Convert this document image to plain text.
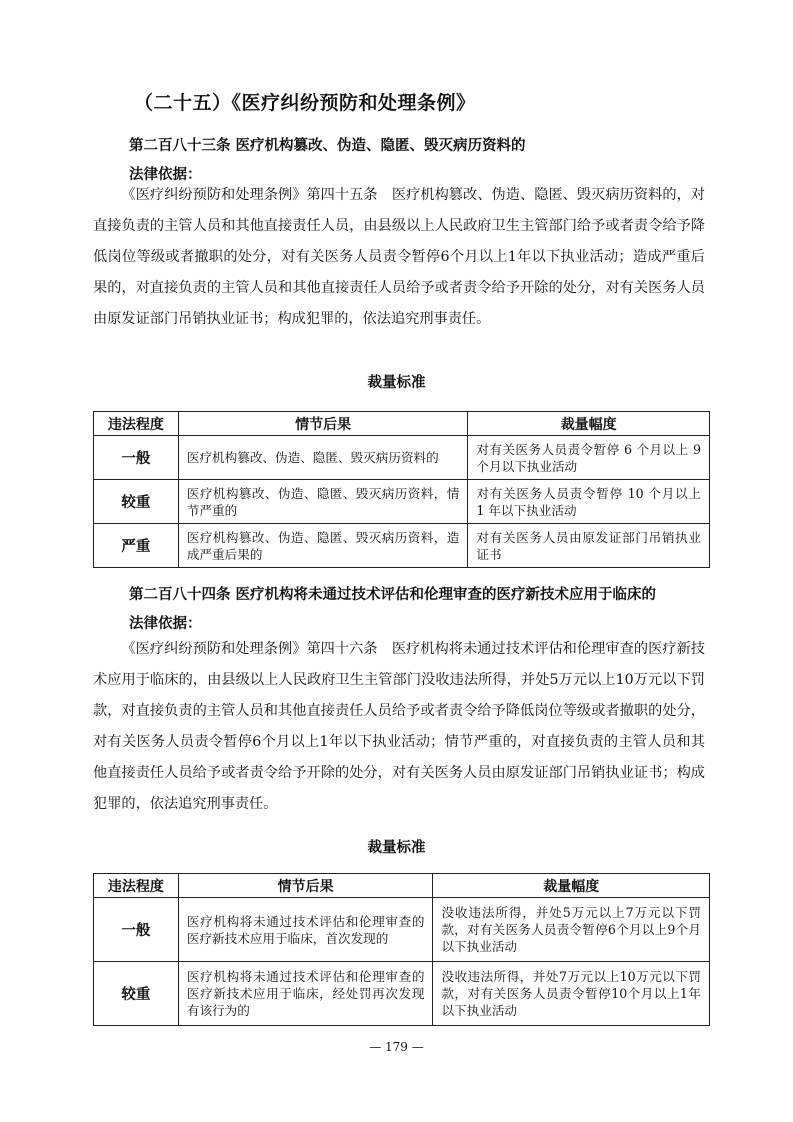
（二十五）《医疗纠纷预防和处理条例》
第二百八十三条 医疗机构篡改、伪造、隐匿、毁灭病历资料的
法律依据：
《医疗纠纷预防和处理条例》第四十五条　医疗机构篡改、伪造、隐匿、毁灭病历资料的，对直接负责的主管人员和其他直接责任人员，由县级以上人民政府卫生主管部门给予或者责令给予降低岗位等级或者撤职的处分，对有关医务人员责令暂停6个月以上1年以下执业活动；造成严重后果的，对直接负责的主管人员和其他直接责任人员给予或者责令给予开除的处分，对有关医务人员由原发证部门吊销执业证书；构成犯罪的，依法追究刑事责任。
裁量标准
违法程度	情节后果	裁量幅度
一般	医疗机构篡改、伪造、隐匿、毁灭病历资料的	对有关医务人员责令暂停 6 个月以上 9 个月以下执业活动
较重	医疗机构篡改、伪造、隐匿、毁灭病历资料，情节严重的	对有关医务人员责令暂停 10 个月以上 1 年以下执业活动
严重	医疗机构篡改、伪造、隐匿、毁灭病历资料，造成严重后果的	对有关医务人员由原发证部门吊销执业证书
第二百八十四条 医疗机构将未通过技术评估和伦理审查的医疗新技术应用于临床的
法律依据：
《医疗纠纷预防和处理条例》第四十六条　医疗机构将未通过技术评估和伦理审查的医疗新技术应用于临床的，由县级以上人民政府卫生主管部门没收违法所得，并处5万元以上10万元以下罚款，对直接负责的主管人员和其他直接责任人员给予或者责令给予降低岗位等级或者撤职的处分，对有关医务人员责令暂停6个月以上1年以下执业活动；情节严重的，对直接负责的主管人员和其他直接责任人员给予或者责令给予开除的处分，对有关医务人员由原发证部门吊销执业证书；构成犯罪的，依法追究刑事责任。
裁量标准
违法程度	情节后果	裁量幅度
一般	医疗机构将未通过技术评估和伦理审查的医疗新技术应用于临床，首次发现的	没收违法所得，并处5万元以上7万元以下罚款，对有关医务人员责令暂停6个月以上9个月以下执业活动
较重	医疗机构将未通过技术评估和伦理审查的医疗新技术应用于临床，经处罚再次发现有该行为的	没收违法所得，并处7万元以上10万元以下罚款，对有关医务人员责令暂停10个月以上1年以下执业活动
— 179 —
